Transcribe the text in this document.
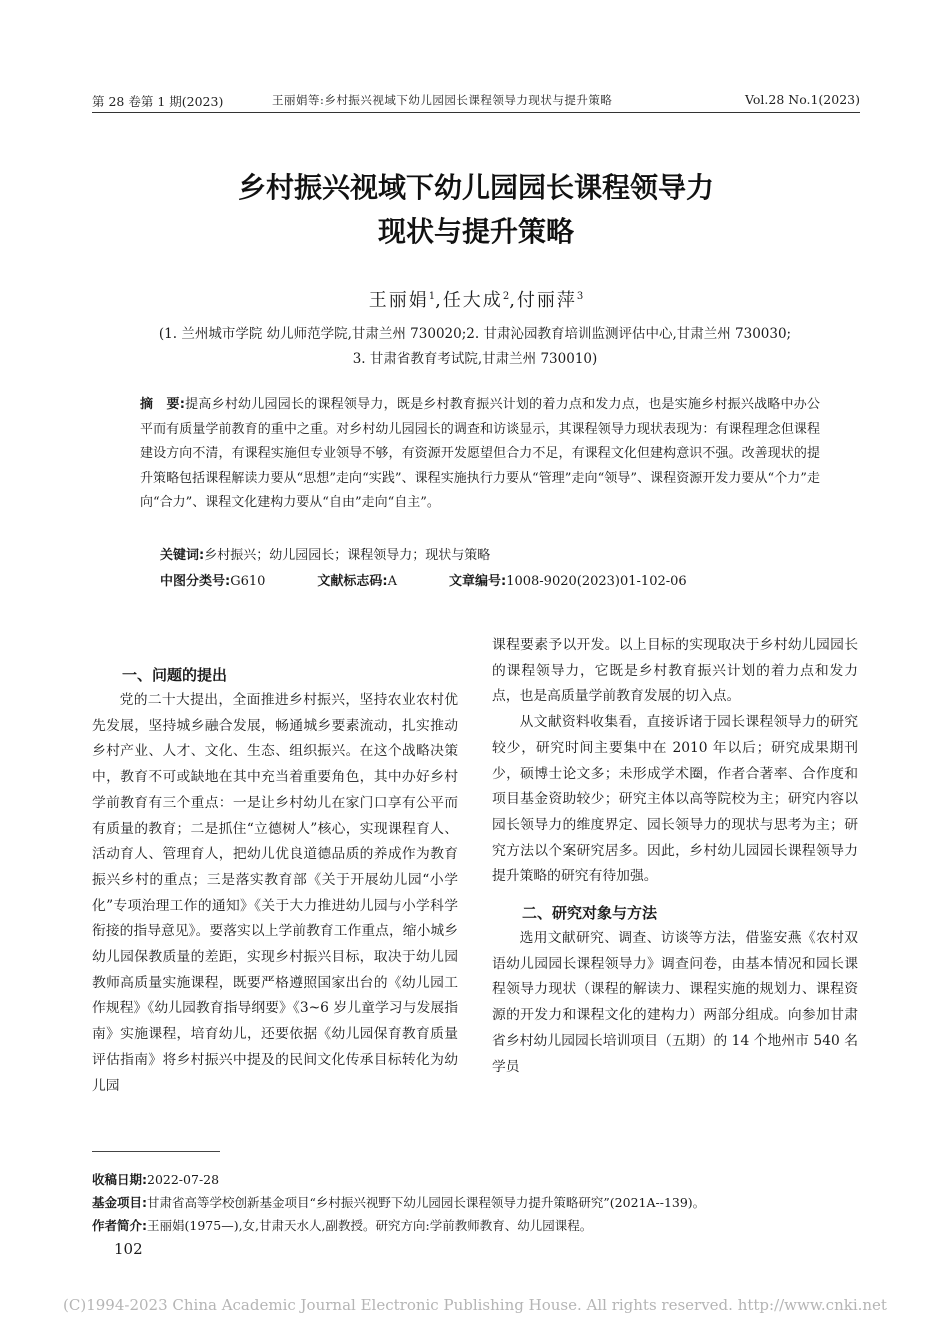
第 28 卷第 1 期(2023)	王丽娟等:乡村振兴视域下幼儿园园长课程领导力现状与提升策略	Vol.28 No.1(2023)
乡村振兴视域下幼儿园园长课程领导力
现状与提升策略
王丽娟$^1$,任大成$^2$,付丽萍$^3$
(1. 兰州城市学院 幼儿师范学院,甘肃兰州 730020;2. 甘肃沁园教育培训监测评估中心,甘肃兰州 730030;
3. 甘肃省教育考试院,甘肃兰州 730010)
摘　要:提高乡村幼儿园园长的课程领导力，既是乡村教育振兴计划的着力点和发力点，也是实施乡村振兴战略中办公平而有质量学前教育的重中之重。对乡村幼儿园园长的调查和访谈显示，其课程领导力现状表现为：有课程理念但课程建设方向不清，有课程实施但专业领导不够，有资源开发愿望但合力不足，有课程文化但建构意识不强。改善现状的提升策略包括课程解读力要从“思想”走向“实践”、课程实施执行力要从“管理”走向“领导”、课程资源开发力要从“个力”走向“合力”、课程文化建构力要从“自由”走向“自主”。
关键词:乡村振兴；幼儿园园长；课程领导力；现状与策略
中图分类号:G610	文献标志码:A	文章编号:1008-9020(2023)01-102-06
一、问题的提出

党的二十大提出，全面推进乡村振兴，坚持农业农村优先发展，坚持城乡融合发展，畅通城乡要素流动，扎实推动乡村产业、人才、文化、生态、组织振兴。在这个战略决策中，教育不可或缺地在其中充当着重要角色，其中办好乡村学前教育有三个重点：一是让乡村幼儿在家门口享有公平而有质量的教育；二是抓住“立德树人”核心，实现课程育人、活动育人、管理育人，把幼儿优良道德品质的养成作为教育振兴乡村的重点；三是落实教育部《关于开展幼儿园“小学化”专项治理工作的通知》《关于大力推进幼儿园与小学科学衔接的指导意见》。要落实以上学前教育工作重点，缩小城乡幼儿园保教质量的差距，实现乡村振兴目标，取决于幼儿园教师高质量实施课程，既要严格遵照国家出台的《幼儿园工作规程》《幼儿园教育指导纲要》《3~6 岁儿童学习与发展指南》实施课程，培育幼儿，还要依据《幼儿园保育教育质量评估指南》将乡村振兴中提及的民间文化传承目标转化为幼儿园

课程要素予以开发。以上目标的实现取决于乡村幼儿园园长的课程领导力，它既是乡村教育振兴计划的着力点和发力点，也是高质量学前教育发展的切入点。

从文献资料收集看，直接诉诸于园长课程领导力的研究较少，研究时间主要集中在 2010 年以后；研究成果期刊少，硕博士论文多；未形成学术圈，作者合著率、合作度和项目基金资助较少；研究主体以高等院校为主；研究内容以园长领导力的维度界定、园长领导力的现状与思考为主；研究方法以个案研究居多。因此，乡村幼儿园园长课程领导力提升策略的研究有待加强。

二、研究对象与方法

选用文献研究、调查、访谈等方法，借鉴安燕《农村双语幼儿园园长课程领导力》调查问卷，由基本情况和园长课程领导力现状（课程的解读力、课程实施的规划力、课程资源的开发力和课程文化的建构力）两部分组成。向参加甘肃省乡村幼儿园园长培训项目（五期）的 14 个地州市 540 名学员

收稿日期:2022-07-28
基金项目:甘肃省高等学校创新基金项目“乡村振兴视野下幼儿园园长课程领导力提升策略研究”(2021A--139)。
作者简介:王丽娟(1975—),女,甘肃天水人,副教授。研究方向:学前教师教育、幼儿园课程。
102
(C)1994-2023 China Academic Journal Electronic Publishing House. All rights reserved. http://www.cnki.net
